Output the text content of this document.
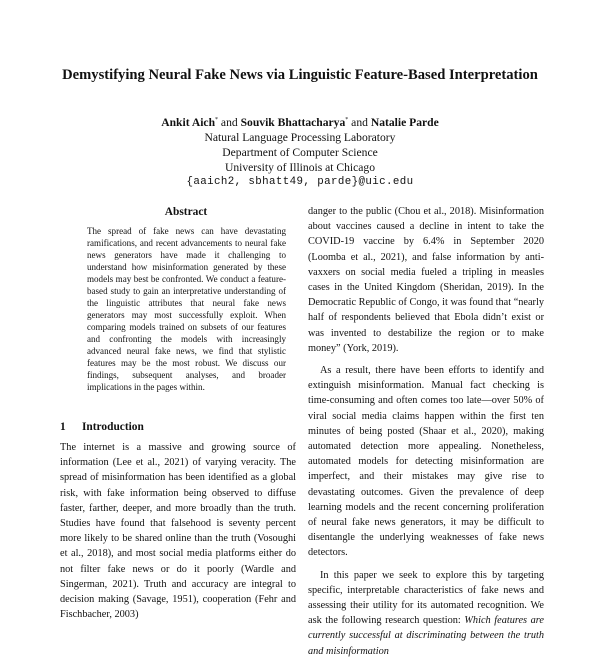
Demystifying Neural Fake News via Linguistic Feature-Based Interpretation
Ankit Aich* and Souvik Bhattacharya* and Natalie Parde
Natural Language Processing Laboratory
Department of Computer Science
University of Illinois at Chicago
{aaich2, sbhatt49, parde}@uic.edu
Abstract

The spread of fake news can have devastating ramifications, and recent advancements to neural fake news generators have made it challenging to understand how misinformation generated by these models may best be confronted. We conduct a feature-based study to gain an interpretative understanding of the linguistic attributes that neural fake news generators may most successfully exploit. When comparing models trained on subsets of our features and confronting the models with increasingly advanced neural fake news, we find that stylistic features may be the most robust. We discuss our findings, subsequent analyses, and broader implications in the pages within.

1 Introduction

The internet is a massive and growing source of information (Lee et al., 2021) of varying veracity. The spread of misinformation has been identified as a global risk, with fake information being observed to diffuse faster, farther, deeper, and more broadly than the truth. Studies have found that falsehood is seventy percent more likely to be shared online than the truth (Vosoughi et al., 2018), and most social media platforms either do not filter fake news or do it poorly (Wardle and Singerman, 2021). Truth and accuracy are integral to decision making (Savage, 1951), cooperation (Fehr and Fischbacher, 2003)

danger to the public (Chou et al., 2018). Misinformation about vaccines caused a decline in intent to take the COVID-19 vaccine by 6.4% in September 2020 (Loomba et al., 2021), and false information by anti-vaxxers on social media fueled a tripling in measles cases in the United Kingdom (Sheridan, 2019). In the Democratic Republic of Congo, it was found that “nearly half of respondents believed that Ebola didn’t exist or was invented to destabilize the region or to make money” (York, 2019).

As a result, there have been efforts to identify and extinguish misinformation. Manual fact checking is time-consuming and often comes too late—over 50% of viral social media claims happen within the first ten minutes of being posted (Shaar et al., 2020), making automated detection more appealing. Nonetheless, automated models for detecting misinformation are imperfect, and their mistakes may give rise to devastating outcomes. Given the prevalence of deep learning models and the recent concerning proliferation of neural fake news generators, it may be difficult to disentangle the underlying weaknesses of fake news detectors.

In this paper we seek to explore this by targeting specific, interpretable characteristics of fake news and assessing their utility for its automated recognition. We ask the following research question: Which features are currently successful at discriminating between the truth and misinformation
